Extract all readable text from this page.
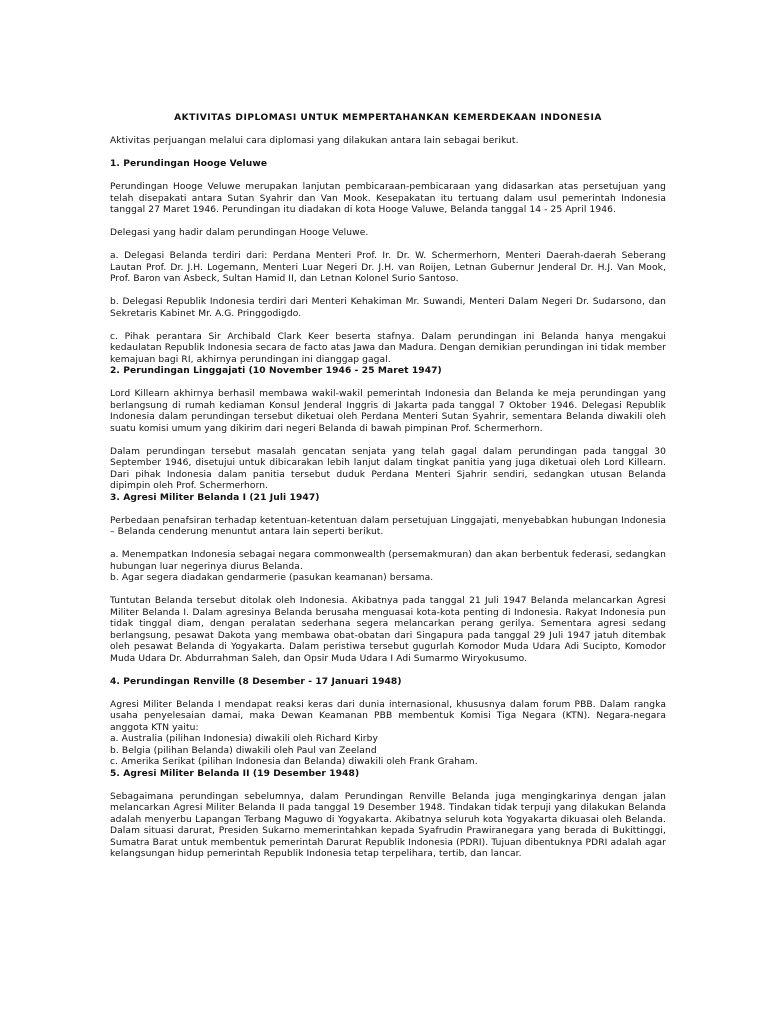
AKTIVITAS DIPLOMASI UNTUK MEMPERTAHANKAN KEMERDEKAAN INDONESIA

Aktivitas perjuangan melalui cara diplomasi yang dilakukan antara lain sebagai berikut.

1. Perundingan Hooge Veluwe

Perundingan Hooge Veluwe merupakan lanjutan pembicaraan-pembicaraan yang didasarkan atas persetujuan yang telah disepakati antara Sutan Syahrir dan Van Mook. Kesepakatan itu tertuang dalam usul pemerintah Indonesia tanggal 27 Maret 1946. Perundingan itu diadakan di kota Hooge Valuwe, Belanda tanggal 14 - 25 April 1946.

Delegasi yang hadir dalam perundingan Hooge Veluwe.

a. Delegasi Belanda terdiri dari: Perdana Menteri Prof. Ir. Dr. W. Schermerhorn, Menteri Daerah-daerah Seberang Lautan Prof. Dr. J.H. Logemann, Menteri Luar Negeri Dr. J.H. van Roijen, Letnan Gubernur Jenderal Dr. H.J. Van Mook, Prof. Baron van Asbeck, Sultan Hamid II, dan Letnan Kolonel Surio Santoso.

b. Delegasi Republik Indonesia terdiri dari Menteri Kehakiman Mr. Suwandi, Menteri Dalam Negeri Dr. Sudarsono, dan Sekretaris Kabinet Mr. A.G. Pringgodigdo.

c. Pihak perantara Sir Archibald Clark Keer beserta stafnya. Dalam perundingan ini Belanda hanya mengakui kedaulatan Republik Indonesia secara de facto atas Jawa dan Madura. Dengan demikian perundingan ini tidak member kemajuan bagi RI, akhirnya perundingan ini dianggap gagal.

2. Perundingan Linggajati (10 November 1946 - 25 Maret 1947)

Lord Killearn akhirnya berhasil membawa wakil-wakil pemerintah Indonesia dan Belanda ke meja perundingan yang berlangsung di rumah kediaman Konsul Jenderal Inggris di Jakarta pada tanggal 7 Oktober 1946. Delegasi Republik Indonesia dalam perundingan tersebut diketuai oleh Perdana Menteri Sutan Syahrir, sementara Belanda diwakili oleh suatu komisi umum yang dikirim dari negeri Belanda di bawah pimpinan Prof. Schermerhorn.

Dalam perundingan tersebut masalah gencatan senjata yang telah gagal dalam perundingan pada tanggal 30 September 1946, disetujui untuk dibicarakan lebih lanjut dalam tingkat panitia yang juga diketuai oleh Lord Killearn. Dari pihak Indonesia dalam panitia tersebut duduk Perdana Menteri Sjahrir sendiri, sedangkan utusan Belanda dipimpin oleh Prof. Schermerhorn.

3. Agresi Militer Belanda I (21 Juli 1947)

Perbedaan penafsiran terhadap ketentuan-ketentuan dalam persetujuan Linggajati, menyebabkan hubungan Indonesia – Belanda cenderung menuntut antara lain seperti berikut.

a. Menempatkan Indonesia sebagai negara commonwealth (persemakmuran) dan akan berbentuk federasi, sedangkan hubungan luar negerinya diurus Belanda.

b. Agar segera diadakan gendarmerie (pasukan keamanan) bersama.

Tuntutan Belanda tersebut ditolak oleh Indonesia. Akibatnya pada tanggal 21 Juli 1947 Belanda melancarkan Agresi Militer Belanda I. Dalam agresinya Belanda berusaha menguasai kota-kota penting di Indonesia. Rakyat Indonesia pun tidak tinggal diam, dengan peralatan sederhana segera melancarkan perang gerilya. Sementara agresi sedang berlangsung, pesawat Dakota yang membawa obat-obatan dari Singapura pada tanggal 29 Juli 1947 jatuh ditembak oleh pesawat Belanda di Yogyakarta. Dalam peristiwa tersebut gugurlah Komodor Muda Udara Adi Sucipto, Komodor Muda Udara Dr. Abdurrahman Saleh, dan Opsir Muda Udara I Adi Sumarmo Wiryokusumo.

4. Perundingan Renville (8 Desember - 17 Januari 1948)

Agresi Militer Belanda I mendapat reaksi keras dari dunia internasional, khususnya dalam forum PBB. Dalam rangka usaha penyelesaian damai, maka Dewan Keamanan PBB membentuk Komisi Tiga Negara (KTN). Negara-negara anggota KTN yaitu:

a. Australia (pilihan Indonesia) diwakili oleh Richard Kirby

b. Belgia (pilihan Belanda) diwakili oleh Paul van Zeeland

c. Amerika Serikat (pilihan Indonesia dan Belanda) diwakili oleh Frank Graham.

5. Agresi Militer Belanda II (19 Desember 1948)

Sebagaimana perundingan sebelumnya, dalam Perundingan Renville Belanda juga mengingkarinya dengan jalan melancarkan Agresi Militer Belanda II pada tanggal 19 Desember 1948. Tindakan tidak terpuji yang dilakukan Belanda adalah menyerbu Lapangan Terbang Maguwo di Yogyakarta. Akibatnya seluruh kota Yogyakarta dikuasai oleh Belanda. Dalam situasi darurat, Presiden Sukarno memerintahkan kepada Syafrudin Prawiranegara yang berada di Bukittinggi, Sumatra Barat untuk membentuk pemerintah Darurat Republik Indonesia (PDRI). Tujuan dibentuknya PDRI adalah agar kelangsungan hidup pemerintah Republik Indonesia tetap terpelihara, tertib, dan lancar.
